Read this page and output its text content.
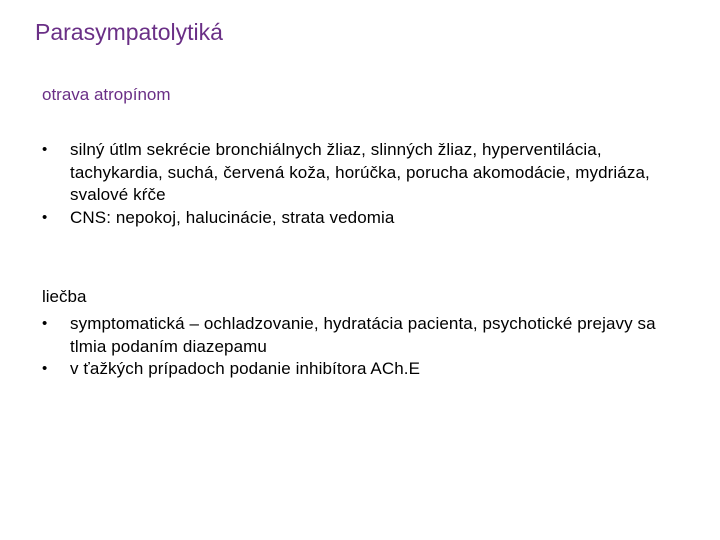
Parasympatolytiká
otrava atropínom
•	silný útlm sekrécie bronchiálnych žliaz, slinných žliaz, hyperventilácia, tachykardia, suchá, červená koža, horúčka, porucha akomodácie, mydriáza, svalové kŕče
•	CNS: nepokoj, halucinácie, strata vedomia
liečba
•	symptomatická – ochladzovanie, hydratácia pacienta, psychotické prejavy sa tlmia podaním diazepamu
•	v ťažkých prípadoch podanie inhibítora ACh.E
